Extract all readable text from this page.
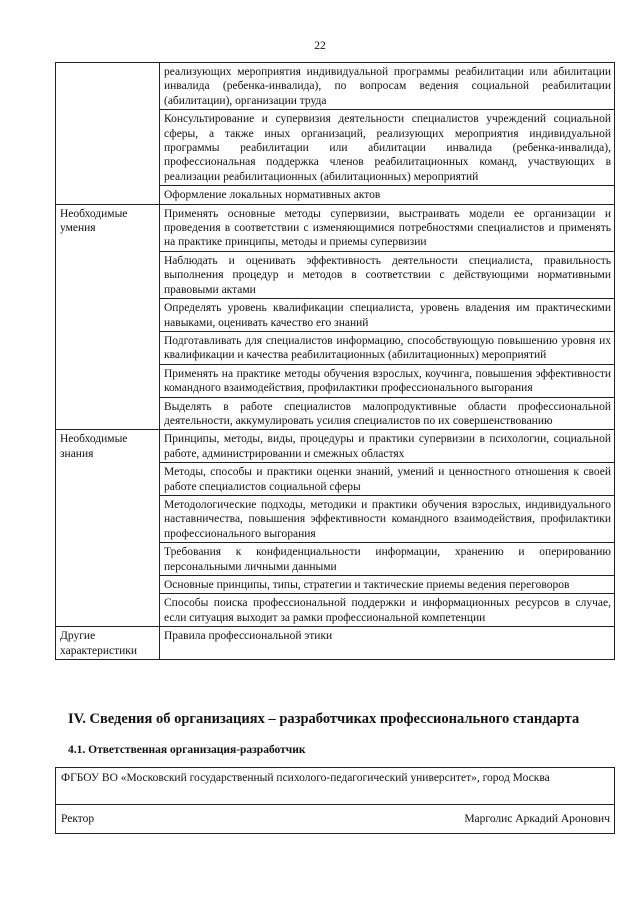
22
	реализующих мероприятия индивидуальной программы реабилитации или абилитации инвалида (ребенка-инвалида), по вопросам ведения социальной реабилитации (абилитации), организации труда
	Консультирование и супервизия деятельности специалистов учреждений социальной сферы, а также иных организаций, реализующих мероприятия индивидуальной программы реабилитации или абилитации инвалида (ребенка-инвалида), профессиональная поддержка членов реабилитационных команд, участвующих в реализации реабилитационных (абилитационных) мероприятий
	Оформление локальных нормативных актов
Необходимые умения	Применять основные методы супервизии, выстраивать модели ее организации и проведения в соответствии с изменяющимися потребностями специалистов и применять на практике принципы, методы и приемы супервизии
	Наблюдать и оценивать эффективность деятельности специалиста, правильность выполнения процедур и методов в соответствии с действующими нормативными правовыми актами
	Определять уровень квалификации специалиста, уровень владения им практическими навыками, оценивать качество его знаний
	Подготавливать для специалистов информацию, способствующую повышению уровня их квалификации и качества реабилитационных (абилитационных) мероприятий
	Применять на практике методы обучения взрослых, коучинга, повышения эффективности командного взаимодействия, профилактики профессионального выгорания
	Выделять в работе специалистов малопродуктивные области профессиональной деятельности, аккумулировать усилия специалистов по их совершенствованию
Необходимые знания	Принципы, методы, виды, процедуры и практики супервизии в психологии, социальной работе, администрировании и смежных областях
	Методы, способы и практики оценки знаний, умений и ценностного отношения к своей работе специалистов социальной сферы
	Методологические подходы, методики и практики обучения взрослых, индивидуального наставничества, повышения эффективности командного взаимодействия, профилактики профессионального выгорания
	Требования к конфиденциальности информации, хранению и оперированию персональными личными данными
	Основные принципы, типы, стратегии и тактические приемы ведения переговоров
	Способы поиска профессиональной поддержки и информационных ресурсов в случае, если ситуация выходит за рамки профессиональной компетенции
Другие характеристики	Правила профессиональной этики
IV. Сведения об организациях – разработчиках профессионального стандарта
4.1. Ответственная организация-разработчик
ФГБОУ ВО «Московский государственный психолого-педагогический университет», город Москва

Ректор	Марголис Аркадий Аронович
